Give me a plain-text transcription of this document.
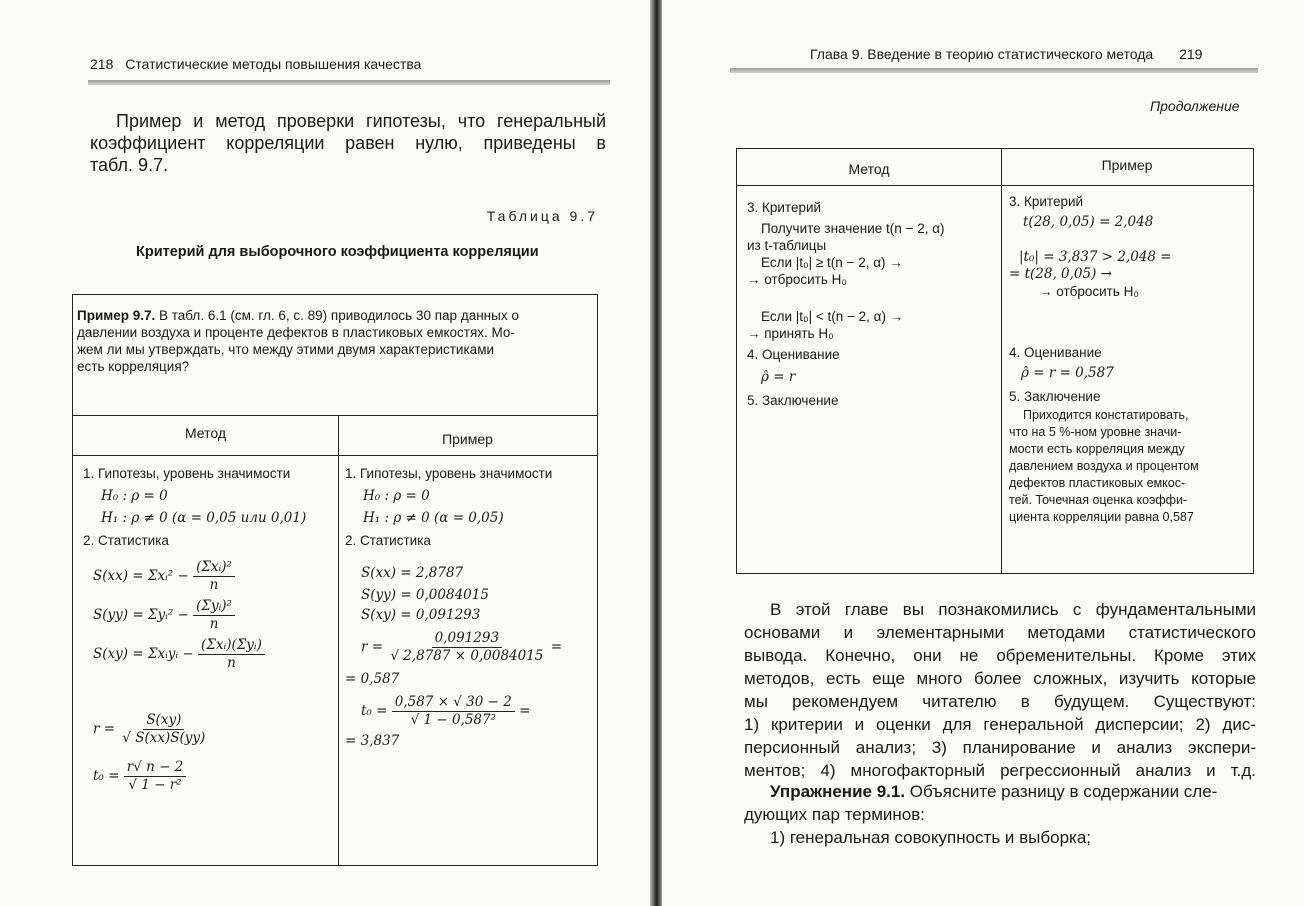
218 Статистические методы повышения качества
Пример и метод проверки гипотезы, что генеральный
коэффициент корреляции равен нулю, приведены в
табл. 9.7.
Таблица 9.7
Критерий для выборочного коэффициента корреляции
Пример 9.7. В табл. 6.1 (см. гл. 6, с. 89) приводилось 30 пар данных о
давлении воздуха и проценте дефектов в пластиковых емкостях. Мо-
жем ли мы утверждать, что между этими двумя характеристиками
есть корреляция?
Метод	Пример
1. Гипотезы, уровень значимости
H₀ : ρ = 0
H₁ : ρ ≠ 0 (α = 0,05 или 0,01)
2. Статистика
S(xx) = Σxᵢ² − $\frac{\text{(Σxᵢ)²}}{n}$
S(yy) = Σyᵢ² − $\frac{\text{(Σyᵢ)²}}{n}$
S(xy) = Σxᵢyᵢ − $\frac{\text{(Σxᵢ)(Σyᵢ)}}{n}$
$r = \frac{S(xy)}{√ S(xx)S(yy)}$
$t_0 = \frac{r√ n - 2}{\text{√ 1 − r²}}$
1. Гипотезы, уровень значимости
H₀ : ρ = 0
H₁ : ρ ≠ 0 (α = 0,05)
2. Статистика
S(xx) = 2,8787
S(yy) = 0,0084015
S(xy) = 0,091293
$r = \frac{0,091293}{√ 2,8787 \times 0,0084015}$ =
= 0,587
$t_0 = \frac{0,587 \times √ 30 - 2}{\text{√ 1 − 0,587²}}$ =
= 3,837
Глава 9. Введение в теорию статистического метода 219
Продолжение
Метод	Пример
3. Критерий
Получите значение t(n − 2, α)
из t-таблицы
Если |t₀| ≥ t(n − 2, α) →
→ отбросить H₀
Если |t₀| < t(n − 2, α) →
→ принять H₀
4. Оценивание
ρ̂ = r
5. Заключение
3. Критерий
t(28, 0,05) = 2,048
|t₀| = 3,837 > 2,048 =
= t(28, 0,05) →
→ отбросить H₀
4. Оценивание
ρ̂ = r = 0,587
5. Заключение
Приходится констатировать,
что на 5 %-ном уровне значи-
мости есть корреляция между
давлением воздуха и процентом
дефектов пластиковых емкос-
тей. Точечная оценка коэффи-
циента корреляции равна 0,587
В этой главе вы познакомились с фундаментальными
основами и элементарными методами статистического
вывода. Конечно, они не обременительны. Кроме этих
методов, есть еще много более сложных, изучить которые
мы рекомендуем читателю в будущем. Существуют:
1) критерии и оценки для генеральной дисперсии; 2) дис-
персионный анализ; 3) планирование и анализ экспери-
ментов; 4) многофакторный регрессионный анализ и т.д.
Упражнение 9.1. Объясните разницу в содержании сле-
дующих пар терминов:
1) генеральная совокупность и выборка;
